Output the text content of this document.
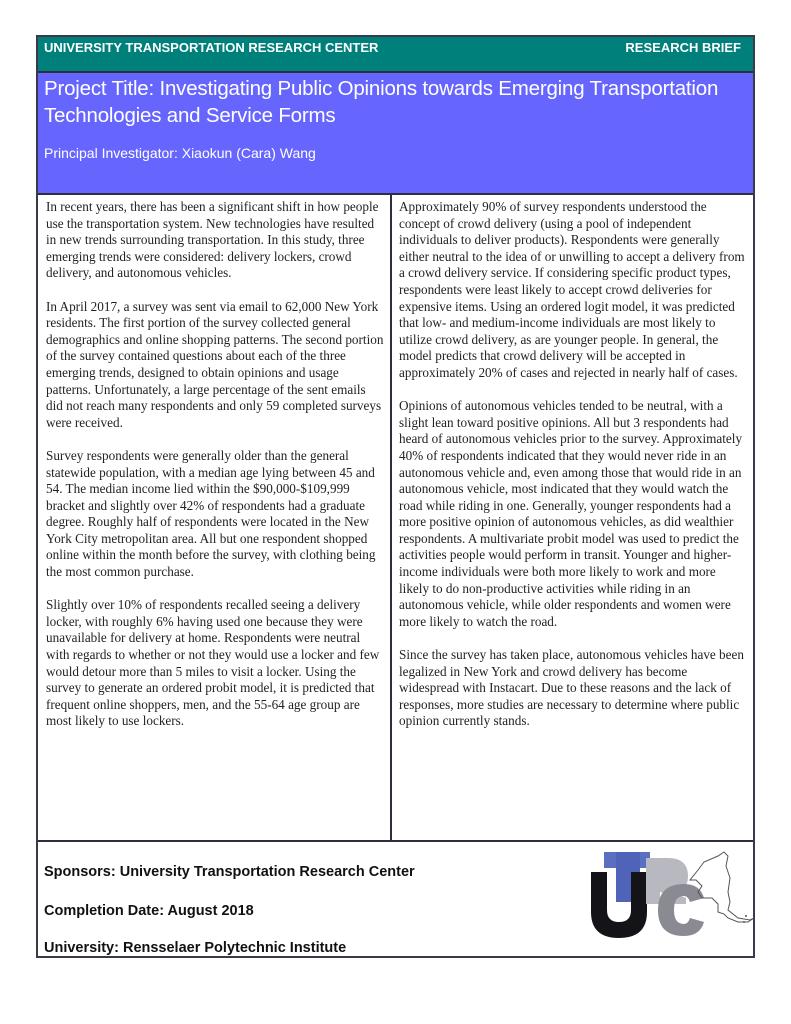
UNIVERSITY TRANSPORTATION RESEARCH CENTER	RESEARCH BRIEF
Project Title: Investigating Public Opinions towards Emerging Transportation Technologies and Service Forms
Principal Investigator: Xiaokun (Cara) Wang

In recent years, there has been a significant shift in how people use the transportation system. New technologies have resulted in new trends surrounding transportation. In this study, three emerging trends were considered: delivery lockers, crowd delivery, and autonomous vehicles.

In April 2017, a survey was sent via email to 62,000 New York residents. The first portion of the survey collected general demographics and online shopping patterns. The second portion of the survey contained questions about each of the three emerging trends, designed to obtain opinions and usage patterns. Unfortunately, a large percentage of the sent emails did not reach many respondents and only 59 completed surveys were received.

Survey respondents were generally older than the general statewide population, with a median age lying between 45 and 54. The median income lied within the $90,000-$109,999 bracket and slightly over 42% of respondents had a graduate degree. Roughly half of respondents were located in the New York City metropolitan area. All but one respondent shopped online within the month before the survey, with clothing being the most common purchase.

Slightly over 10% of respondents recalled seeing a delivery locker, with roughly 6% having used one because they were unavailable for delivery at home. Respondents were neutral with regards to whether or not they would use a locker and few would detour more than 5 miles to visit a locker. Using the survey to generate an ordered probit model, it is predicted that frequent online shoppers, men, and the 55-64 age group are most likely to use lockers.

Approximately 90% of survey respondents understood the concept of crowd delivery (using a pool of independent individuals to deliver products). Respondents were generally either neutral to the idea of or unwilling to accept a delivery from a crowd delivery service. If considering specific product types, respondents were least likely to accept crowd deliveries for expensive items. Using an ordered logit model, it was predicted that low- and medium-income individuals are most likely to utilize crowd delivery, as are younger people. In general, the model predicts that crowd delivery will be accepted in approximately 20% of cases and rejected in nearly half of cases.

Opinions of autonomous vehicles tended to be neutral, with a slight lean toward positive opinions. All but 3 respondents had heard of autonomous vehicles prior to the survey. Approximately 40% of respondents indicated that they would never ride in an autonomous vehicle and, even among those that would ride in an autonomous vehicle, most indicated that they would watch the road while riding in one. Generally, younger respondents had a more positive opinion of autonomous vehicles, as did wealthier respondents. A multivariate probit model was used to predict the activities people would perform in transit. Younger and higher-income individuals were both more likely to work and more likely to do non-productive activities while riding in an autonomous vehicle, while older respondents and women were more likely to watch the road.

Since the survey has taken place, autonomous vehicles have been legalized in New York and crowd delivery has become widespread with Instacart. Due to these reasons and the lack of responses, more studies are necessary to determine where public opinion currently stands.

Sponsors: University Transportation Research Center
Completion Date: August 2018
University: Rensselaer Polytechnic Institute
